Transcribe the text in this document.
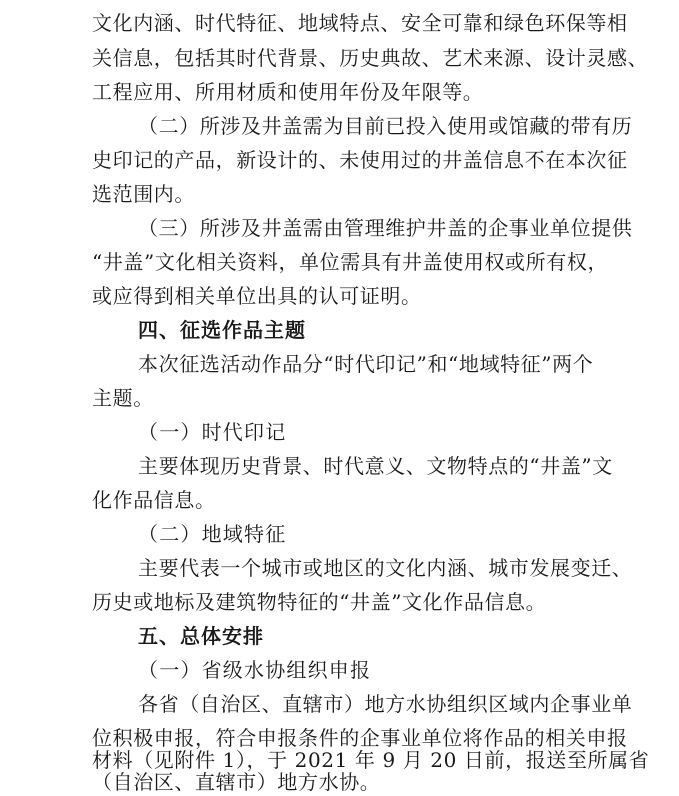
文化内涵、时代特征、地域特点、安全可靠和绿色环保等相
关信息，包括其时代背景、历史典故、艺术来源、设计灵感、
工程应用、所用材质和使用年份及年限等。
（二）所涉及井盖需为目前已投入使用或馆藏的带有历
史印记的产品，新设计的、未使用过的井盖信息不在本次征
选范围内。
（三）所涉及井盖需由管理维护井盖的企事业单位提供
“井盖”文化相关资料，单位需具有井盖使用权或所有权，
或应得到相关单位出具的认可证明。
四、征选作品主题
本次征选活动作品分“时代印记”和“地域特征”两个
主题。
（一）时代印记
主要体现历史背景、时代意义、文物特点的“井盖”文
化作品信息。
（二）地域特征
主要代表一个城市或地区的文化内涵、城市发展变迁、
历史或地标及建筑物特征的“井盖”文化作品信息。
五、总体安排
（一）省级水协组织申报
各省（自治区、直辖市）地方水协组织区域内企事业单
位积极申报，符合申报条件的企事业单位将作品的相关申报
材料（见附件 1），于 2021 年 9 月 20 日前，报送至所属省
（自治区、直辖市）地方水协。
